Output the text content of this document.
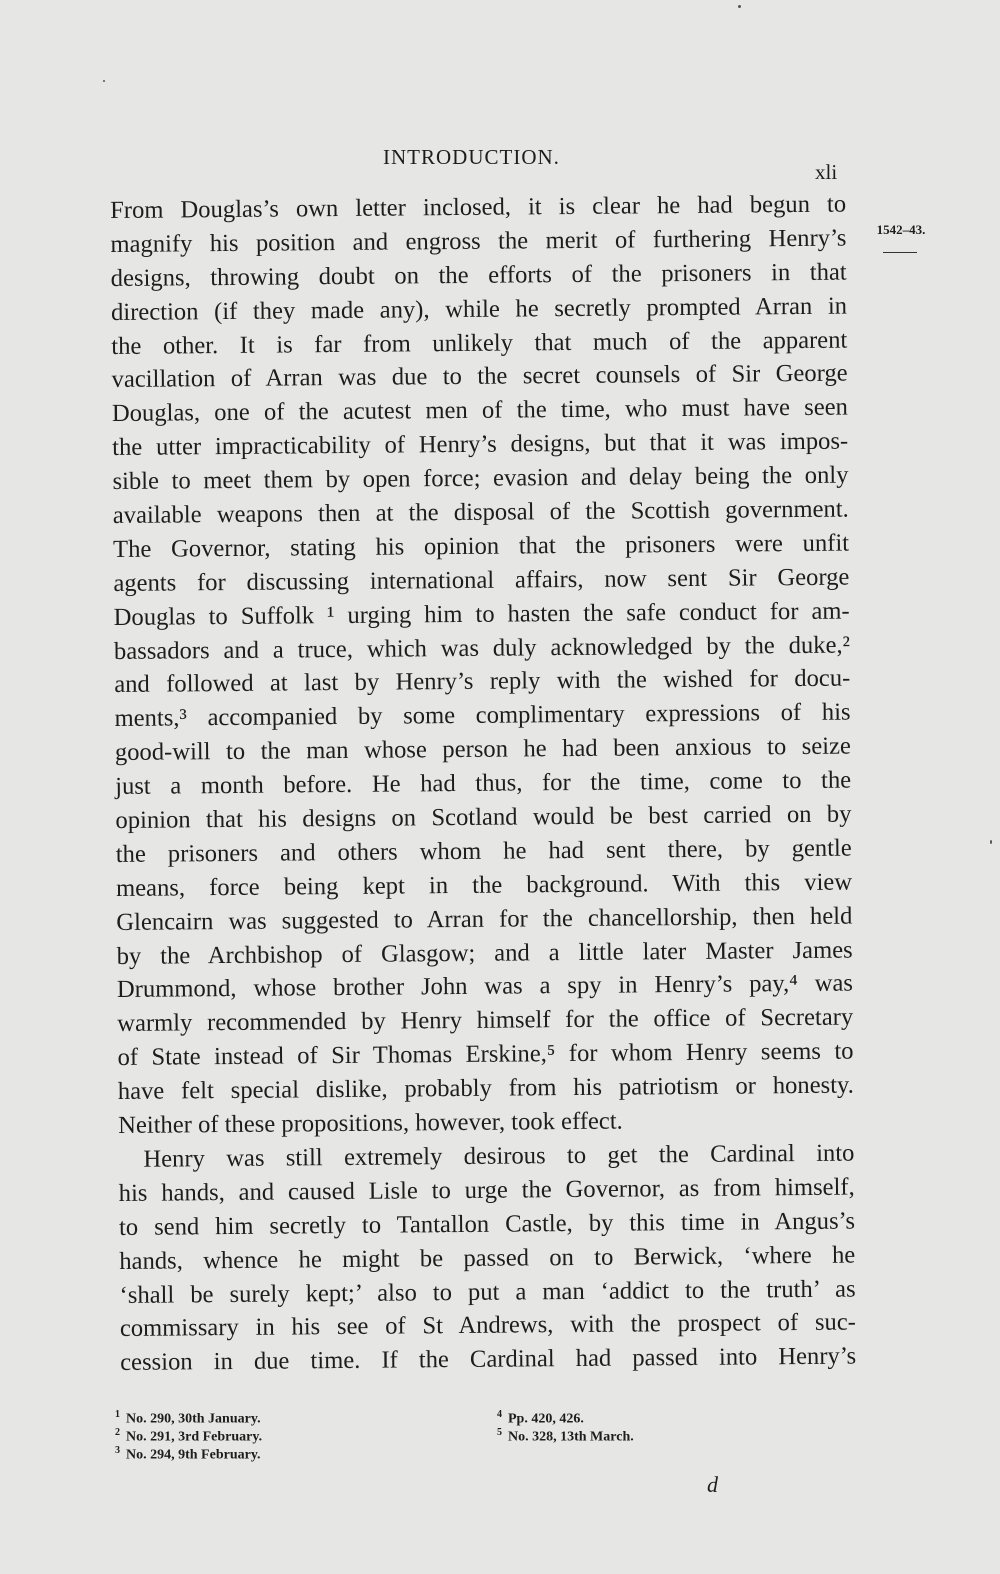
INTRODUCTION.
xli
1542–43.
From Douglas’s own letter inclosed, it is clear he had begun to
magnify his position and engross the merit of furthering Henry’s
designs, throwing doubt on the efforts of the prisoners in that
direction (if they made any), while he secretly prompted Arran in
the other. It is far from unlikely that much of the apparent
vacillation of Arran was due to the secret counsels of Sir George
Douglas, one of the acutest men of the time, who must have seen
the utter impracticability of Henry’s designs, but that it was impos-
sible to meet them by open force; evasion and delay being the only
available weapons then at the disposal of the Scottish government.
The Governor, stating his opinion that the prisoners were unfit
agents for discussing international affairs, now sent Sir George
Douglas to Suffolk ¹ urging him to hasten the safe conduct for am-
bassadors and a truce, which was duly acknowledged by the duke,²
and followed at last by Henry’s reply with the wished for docu-
ments,³ accompanied by some complimentary expressions of his
good-will to the man whose person he had been anxious to seize
just a month before. He had thus, for the time, come to the
opinion that his designs on Scotland would be best carried on by
the prisoners and others whom he had sent there, by gentle
means, force being kept in the background. With this view
Glencairn was suggested to Arran for the chancellorship, then held
by the Archbishop of Glasgow; and a little later Master James
Drummond, whose brother John was a spy in Henry’s pay,⁴ was
warmly recommended by Henry himself for the office of Secretary
of State instead of Sir Thomas Erskine,⁵ for whom Henry seems to
have felt special dislike, probably from his patriotism or honesty.
Neither of these propositions, however, took effect.
Henry was still extremely desirous to get the Cardinal into
his hands, and caused Lisle to urge the Governor, as from himself,
to send him secretly to Tantallon Castle, by this time in Angus’s
hands, whence he might be passed on to Berwick, ‘where he
‘shall be surely kept;’ also to put a man ‘addict to the truth’ as
commissary in his see of St Andrews, with the prospect of suc-
cession in due time. If the Cardinal had passed into Henry’s
$^1$ No. 290, 30th January.
$^2$ No. 291, 3rd February.
$^3$ No. 294, 9th February.
$^4$ Pp. 420, 426.
$^5$ No. 328, 13th March.
d
